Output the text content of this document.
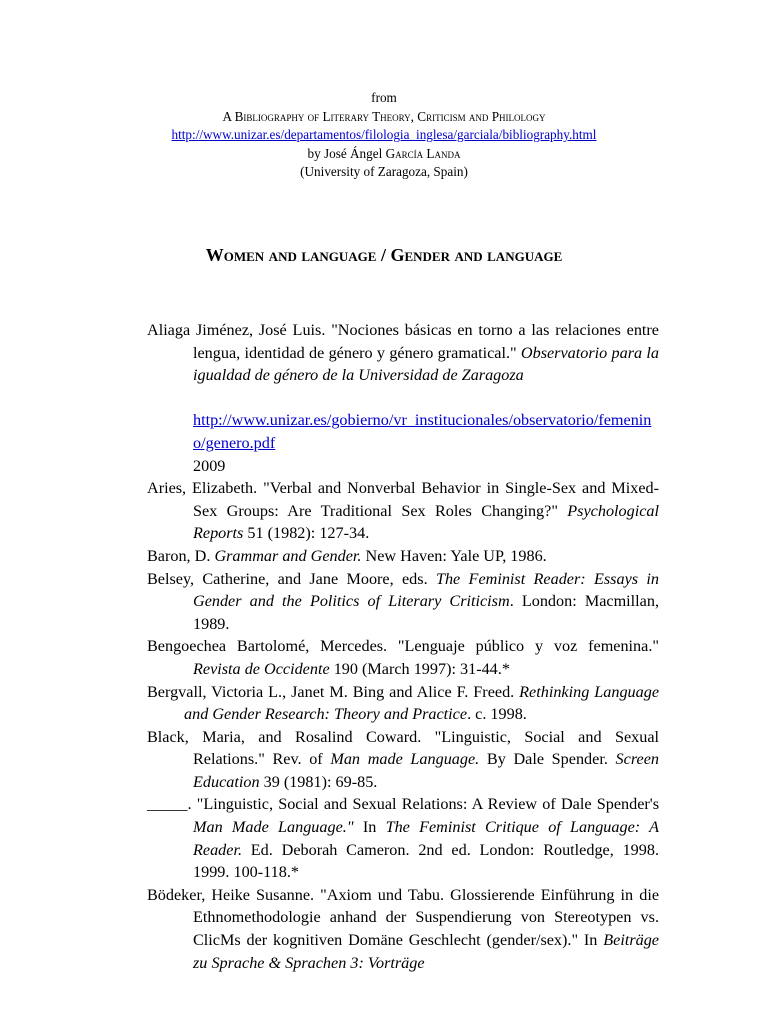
from
A Bibliography of Literary Theory, Criticism and Philology
http://www.unizar.es/departamentos/filologia_inglesa/garciala/bibliography.html
by José Ángel García Landa
(University of Zaragoza, Spain)
Women and language / Gender and language

Aliaga Jiménez, José Luis. "Nociones básicas en torno a las relaciones entre lengua, identidad de género y género gramatical." Observatorio para la igualdad de género de la Universidad de Zaragoza

http://www.unizar.es/gobierno/vr_institucionales/observatorio/femenino/genero.pdf

2009

Aries, Elizabeth. "Verbal and Nonverbal Behavior in Single-Sex and Mixed-Sex Groups: Are Traditional Sex Roles Changing?" Psychological Reports 51 (1982): 127-34.

Baron, D. Grammar and Gender. New Haven: Yale UP, 1986.

Belsey, Catherine, and Jane Moore, eds. The Feminist Reader: Essays in Gender and the Politics of Literary Criticism. London: Macmillan, 1989.

Bengoechea Bartolomé, Mercedes. "Lenguaje público y voz femenina." Revista de Occidente 190 (March 1997): 31-44.*

Bergvall, Victoria L., Janet M. Bing and Alice F. Freed. Rethinking Language and Gender Research: Theory and Practice. c. 1998.

Black, Maria, and Rosalind Coward. "Linguistic, Social and Sexual Relations." Rev. of Man made Language. By Dale Spender. Screen Education 39 (1981): 69-85.

_____. "Linguistic, Social and Sexual Relations: A Review of Dale Spender's Man Made Language." In The Feminist Critique of Language: A Reader. Ed. Deborah Cameron. 2nd ed. London: Routledge, 1998. 1999. 100-118.*

Bödeker, Heike Susanne. "Axiom und Tabu. Glossierende Einführung in die Ethnomethodologie anhand der Suspendierung von Stereotypen vs. ClicMs der kognitiven Domäne Geschlecht (gender/sex)." In Beiträge zu Sprache & Sprachen 3: Vorträge
